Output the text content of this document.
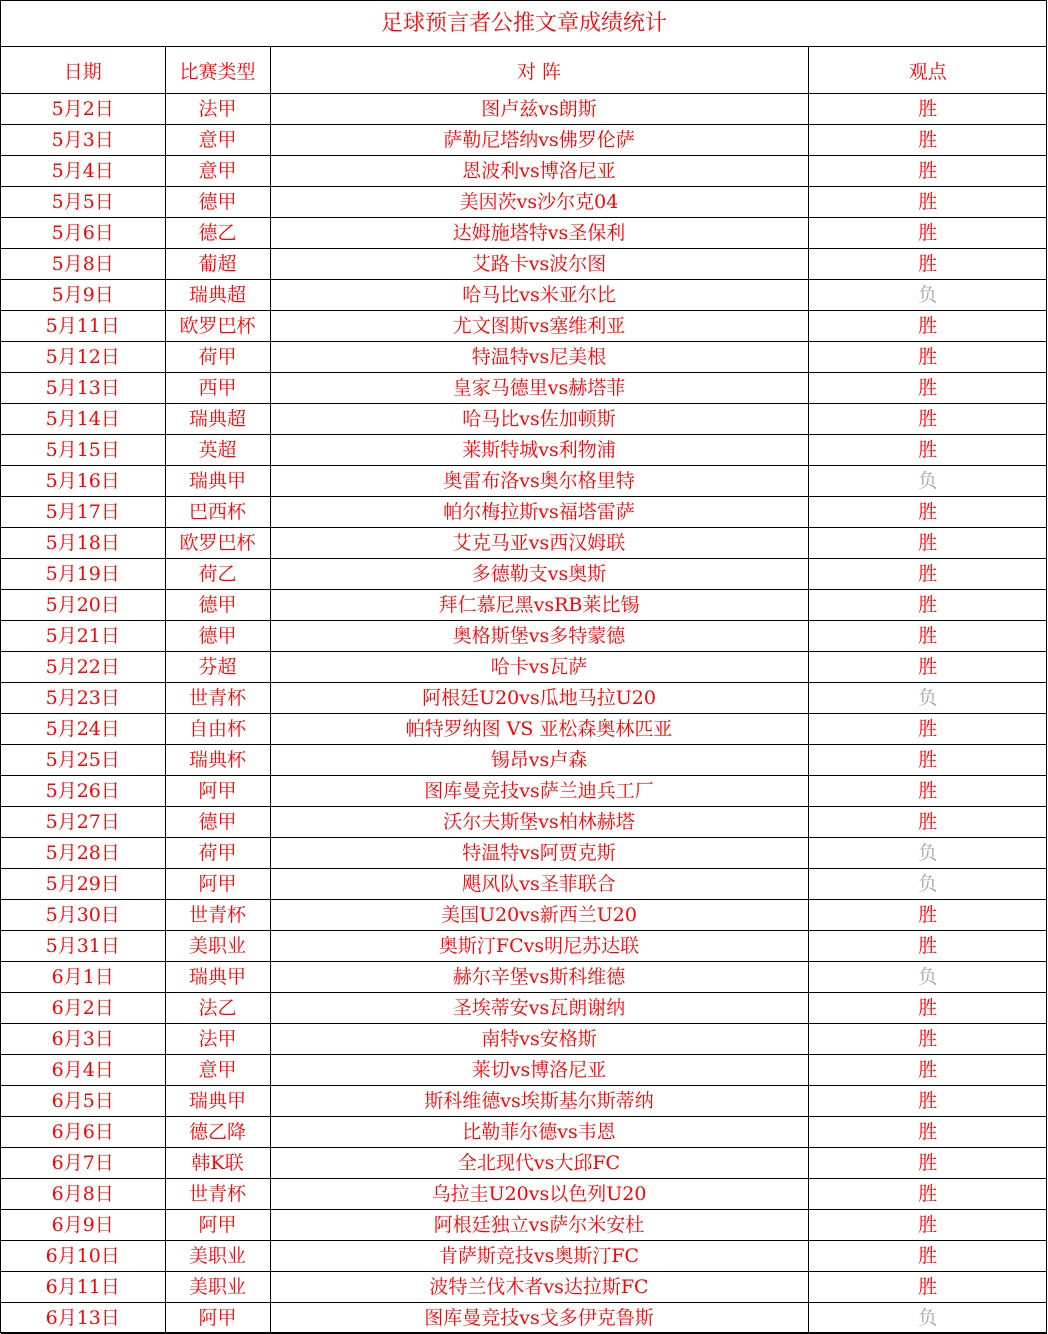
足球预言者公推文章成绩统计
日期	比赛类型	对 阵	观点
5月2日	法甲	图卢兹vs朗斯	胜
5月3日	意甲	萨勒尼塔纳vs佛罗伦萨	胜
5月4日	意甲	恩波利vs博洛尼亚	胜
5月5日	德甲	美因茨vs沙尔克04	胜
5月6日	德乙	达姆施塔特vs圣保利	胜
5月8日	葡超	艾路卡vs波尔图	胜
5月9日	瑞典超	哈马比vs米亚尔比	负
5月11日	欧罗巴杯	尤文图斯vs塞维利亚	胜
5月12日	荷甲	特温特vs尼美根	胜
5月13日	西甲	皇家马德里vs赫塔菲	胜
5月14日	瑞典超	哈马比vs佐加顿斯	胜
5月15日	英超	莱斯特城vs利物浦	胜
5月16日	瑞典甲	奥雷布洛vs奥尔格里特	负
5月17日	巴西杯	帕尔梅拉斯vs福塔雷萨	胜
5月18日	欧罗巴杯	艾克马亚vs西汉姆联	胜
5月19日	荷乙	多德勒支vs奥斯	胜
5月20日	德甲	拜仁慕尼黑vsRB莱比锡	胜
5月21日	德甲	奥格斯堡vs多特蒙德	胜
5月22日	芬超	哈卡vs瓦萨	胜
5月23日	世青杯	阿根廷U20vs瓜地马拉U20	负
5月24日	自由杯	帕特罗纳图 VS 亚松森奥林匹亚	胜
5月25日	瑞典杯	锡昂vs卢森	胜
5月26日	阿甲	图库曼竞技vs萨兰迪兵工厂	胜
5月27日	德甲	沃尔夫斯堡vs柏林赫塔	胜
5月28日	荷甲	特温特vs阿贾克斯	负
5月29日	阿甲	飓风队vs圣菲联合	负
5月30日	世青杯	美国U20vs新西兰U20	胜
5月31日	美职业	奥斯汀FCvs明尼苏达联	胜
6月1日	瑞典甲	赫尔辛堡vs斯科维德	负
6月2日	法乙	圣埃蒂安vs瓦朗谢纳	胜
6月3日	法甲	南特vs安格斯	胜
6月4日	意甲	莱切vs博洛尼亚	胜
6月5日	瑞典甲	斯科维德vs埃斯基尔斯蒂纳	胜
6月6日	德乙降	比勒菲尔德vs韦恩	胜
6月7日	韩K联	全北现代vs大邱FC	胜
6月8日	世青杯	乌拉圭U20vs以色列U20	胜
6月9日	阿甲	阿根廷独立vs萨尔米安杜	胜
6月10日	美职业	肯萨斯竞技vs奥斯汀FC	胜
6月11日	美职业	波特兰伐木者vs达拉斯FC	胜
6月13日	阿甲	图库曼竞技vs戈多伊克鲁斯	负
